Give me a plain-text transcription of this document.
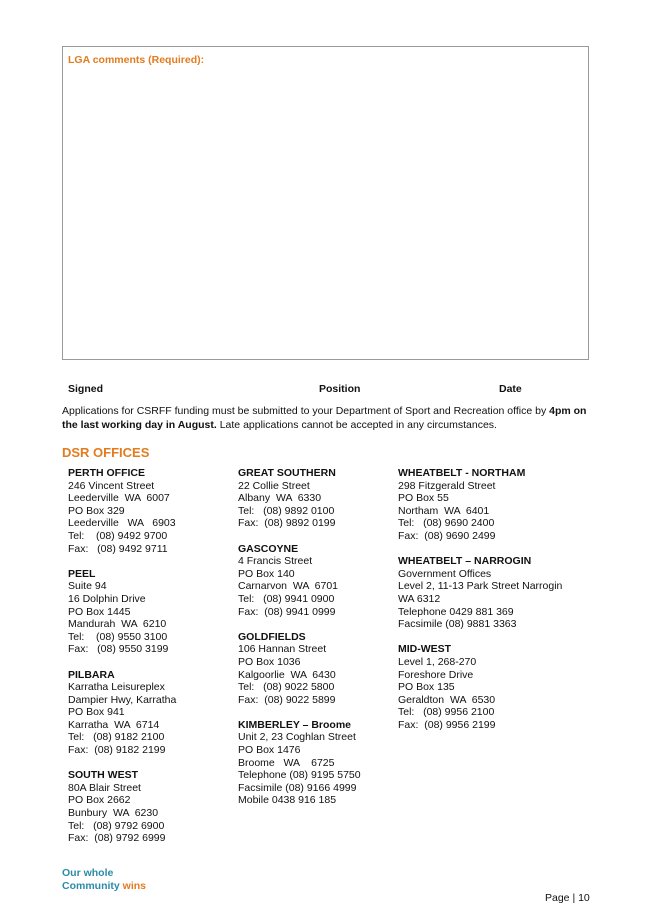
LGA comments (Required):
Signed	Position	Date
Applications for CSRFF funding must be submitted to your Department of Sport and Recreation office by 4pm on the last working day in August. Late applications cannot be accepted in any circumstances.
DSR OFFICES
PERTH OFFICE
246 Vincent Street
Leederville  WA  6007
PO Box 329
Leederville   WA   6903
Tel:    (08) 9492 9700
Fax:   (08) 9492 9711
PEEL
Suite 94
16 Dolphin Drive
PO Box 1445
Mandurah  WA  6210
Tel:    (08) 9550 3100
Fax:   (08) 9550 3199
PILBARA
Karratha Leisureplex
Dampier Hwy, Karratha
PO Box 941
Karratha  WA  6714
Tel:   (08) 9182 2100
Fax:  (08) 9182 2199
SOUTH WEST
80A Blair Street
PO Box 2662
Bunbury  WA  6230
Tel:   (08) 9792 6900
Fax:  (08) 9792 6999
GREAT SOUTHERN
22 Collie Street
Albany  WA  6330
Tel:   (08) 9892 0100
Fax:  (08) 9892 0199
GASCOYNE
4 Francis Street
PO Box 140
Carnarvon  WA  6701
Tel:   (08) 9941 0900
Fax:  (08) 9941 0999
GOLDFIELDS
106 Hannan Street
PO Box 1036
Kalgoorlie  WA  6430
Tel:   (08) 9022 5800
Fax:  (08) 9022 5899
KIMBERLEY – Broome
Unit 2, 23 Coghlan Street
PO Box 1476
Broome   WA    6725
Telephone (08) 9195 5750
Facsimile (08) 9166 4999
Mobile 0438 916 185
WHEATBELT - NORTHAM
298 Fitzgerald Street
PO Box 55
Northam  WA  6401
Tel:   (08) 9690 2400
Fax:  (08) 9690 2499
WHEATBELT – NARROGIN
Government Offices
Level 2, 11-13 Park Street Narrogin
WA 6312
Telephone 0429 881 369
Facsimile (08) 9881 3363
MID-WEST
Level 1, 268-270
Foreshore Drive
PO Box 135
Geraldton  WA  6530
Tel:   (08) 9956 2100
Fax:  (08) 9956 2199
Our whole
Community wins
Page | 10
